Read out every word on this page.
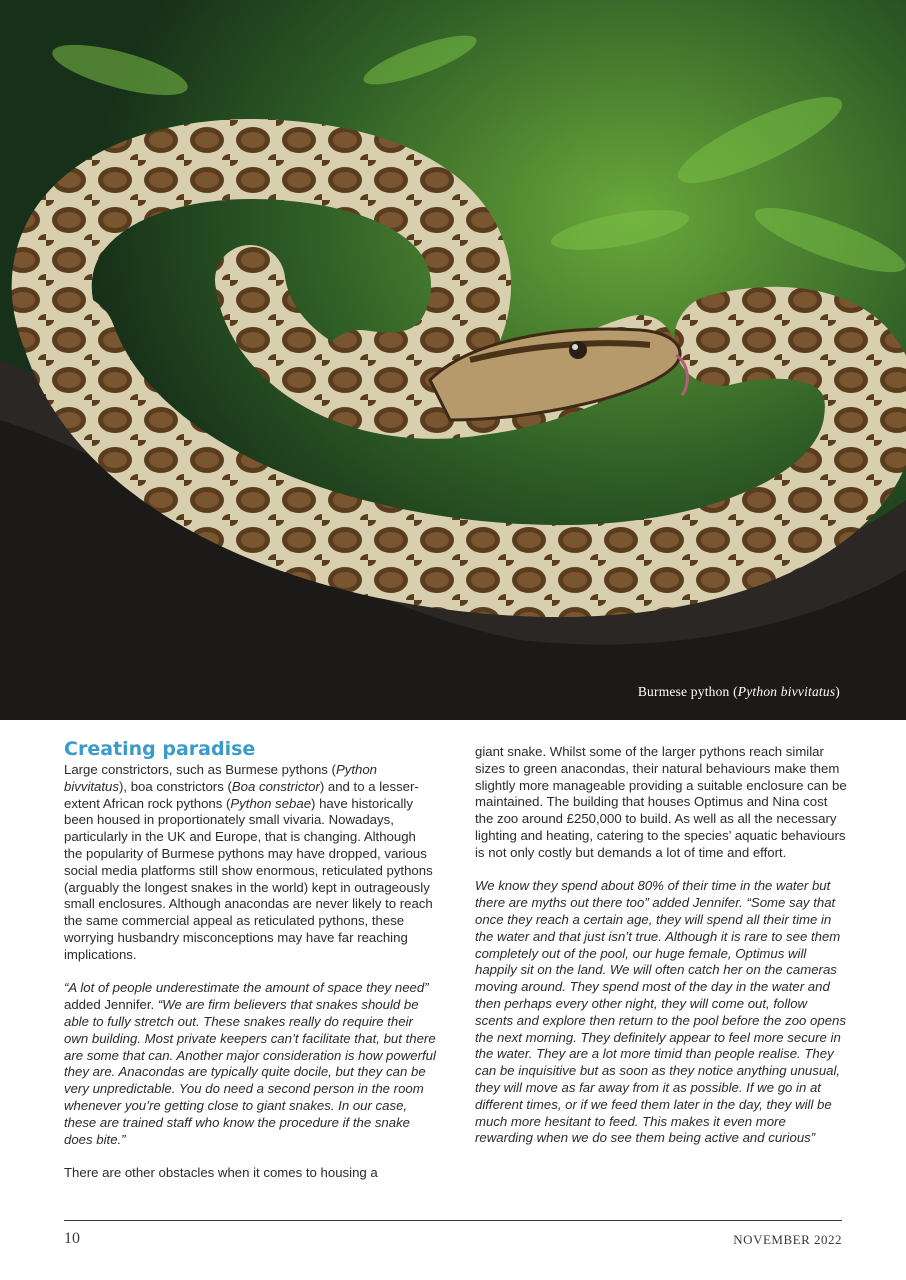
Burmese python (Python bivvitatus)
Creating paradise

Large constrictors, such as Burmese pythons (Python bivvitatus), boa constrictors (Boa constrictor) and to a lesser-extent African rock pythons (Python sebae) have historically been housed in proportionately small vivaria. Nowadays, particularly in the UK and Europe, that is changing. Although the popularity of Burmese pythons may have dropped, various social media platforms still show enormous, reticulated pythons (arguably the longest snakes in the world) kept in outrageously small enclosures. Although anacondas are never likely to reach the same commercial appeal as reticulated pythons, these worrying husbandry misconceptions may have far reaching implications.

“A lot of people underestimate the amount of space they need” added Jennifer. “We are firm believers that snakes should be able to fully stretch out. These snakes really do require their own building. Most private keepers can’t facilitate that, but there are some that can. Another major consideration is how powerful they are. Anacondas are typically quite docile, but they can be very unpredictable. You do need a second person in the room whenever you’re getting close to giant snakes. In our case, these are trained staff who know the procedure if the snake does bite.”

There are other obstacles when it comes to housing a

giant snake. Whilst some of the larger pythons reach similar sizes to green anacondas, their natural behaviours make them slightly more manageable providing a suitable enclosure can be maintained. The building that houses Optimus and Nina cost the zoo around £250,000 to build. As well as all the necessary lighting and heating, catering to the species’ aquatic behaviours is not only costly but demands a lot of time and effort.

We know they spend about 80% of their time in the water but there are myths out there too” added Jennifer. “Some say that once they reach a certain age, they will spend all their time in the water and that just isn’t true. Although it is rare to see them completely out of the pool, our huge female, Optimus will happily sit on the land. We will often catch her on the cameras moving around. They spend most of the day in the water and then perhaps every other night, they will come out, follow scents and explore then return to the pool before the zoo opens the next morning. They definitely appear to feel more secure in the water. They are a lot more timid than people realise. They can be inquisitive but as soon as they notice anything unusual, they will move as far away from it as possible. If we go in at different times, or if we feed them later in the day, they will be much more hesitant to feed. This makes it even more rewarding when we do see them being active and curious”

10	NOVEMBER 2022
